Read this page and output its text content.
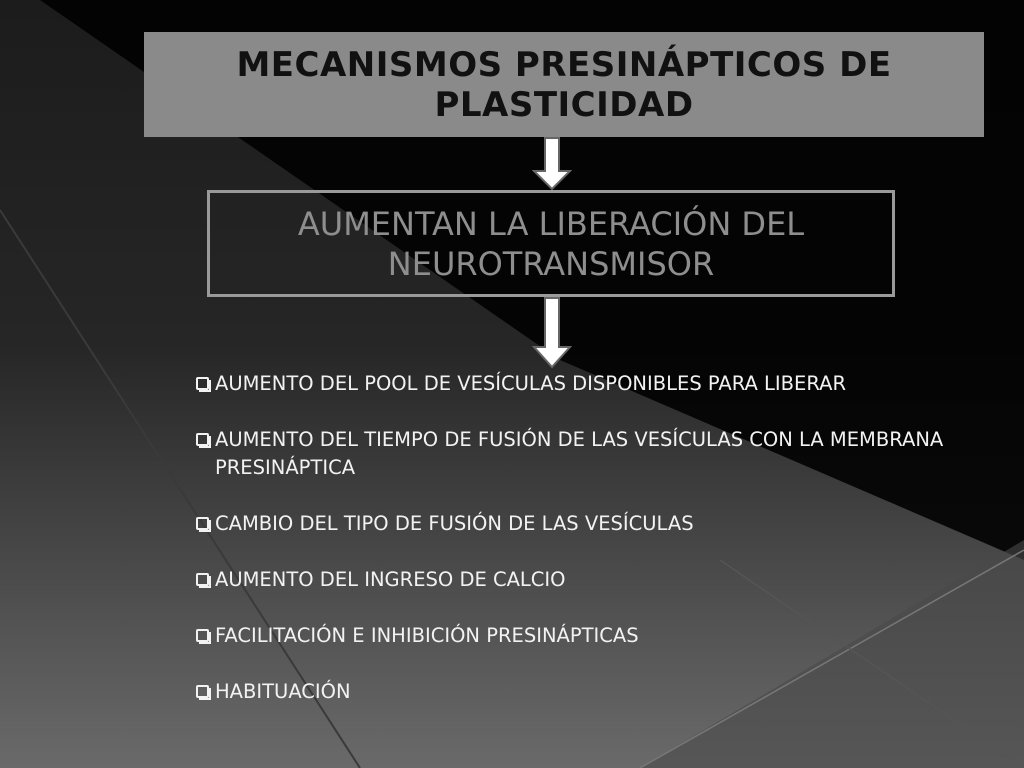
MECANISMOS PRESINÁPTICOS DE PLASTICIDAD
AUMENTAN LA LIBERACIÓN DEL NEUROTRANSMISOR
AUMENTO DEL POOL DE VESÍCULAS DISPONIBLES PARA LIBERAR
AUMENTO DEL TIEMPO DE FUSIÓN DE LAS VESÍCULAS CON LA MEMBRANA PRESINÁPTICA
CAMBIO DEL TIPO DE FUSIÓN DE LAS VESÍCULAS
AUMENTO DEL INGRESO DE CALCIO
FACILITACIÓN E INHIBICIÓN PRESINÁPTICAS
HABITUACIÓN
